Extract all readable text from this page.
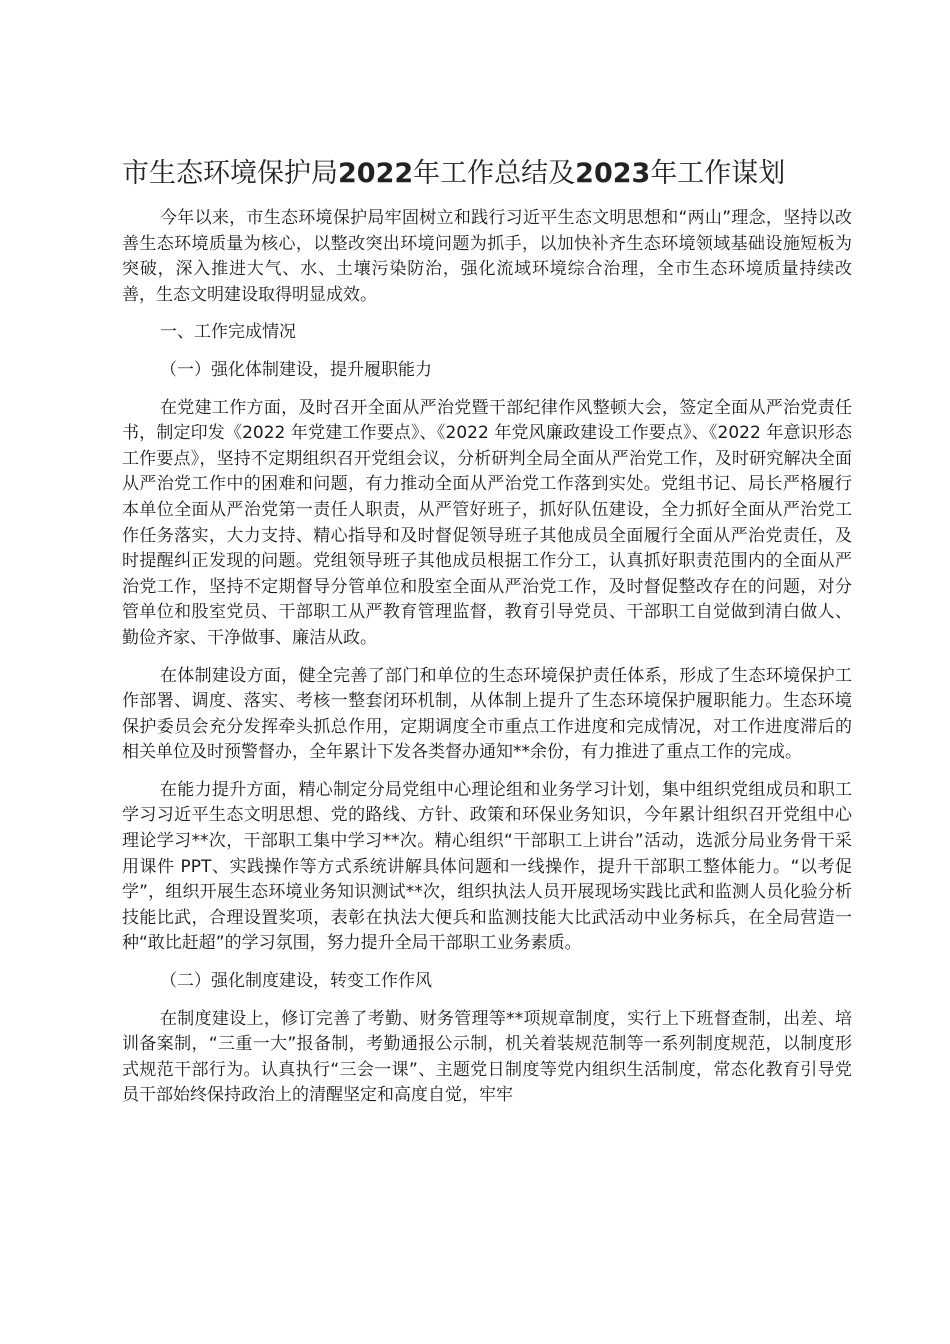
市生态环境保护局2022年工作总结及2023年工作谋划

今年以来，市生态环境保护局牢固树立和践行习近平生态文明思想和“两山”理念，坚持以改善生态环境质量为核心，以整改突出环境问题为抓手，以加快补齐生态环境领域基础设施短板为突破，深入推进大气、水、土壤污染防治，强化流域环境综合治理，全市生态环境质量持续改善，生态文明建设取得明显成效。

一、工作完成情况

（一）强化体制建设，提升履职能力

在党建工作方面，及时召开全面从严治党暨干部纪律作风整顿大会，签定全面从严治党责任书，制定印发《2022 年党建工作要点》、《2022 年党风廉政建设工作要点》、《2022 年意识形态工作要点》，坚持不定期组织召开党组会议，分析研判全局全面从严治党工作，及时研究解决全面从严治党工作中的困难和问题，有力推动全面从严治党工作落到实处。党组书记、局长严格履行本单位全面从严治党第一责任人职责，从严管好班子，抓好队伍建设，全力抓好全面从严治党工作任务落实，大力支持、精心指导和及时督促领导班子其他成员全面履行全面从严治党责任，及时提醒纠正发现的问题。党组领导班子其他成员根据工作分工，认真抓好职责范围内的全面从严治党工作，坚持不定期督导分管单位和股室全面从严治党工作，及时督促整改存在的问题，对分管单位和股室党员、干部职工从严教育管理监督，教育引导党员、干部职工自觉做到清白做人、勤俭齐家、干净做事、廉洁从政。

在体制建设方面，健全完善了部门和单位的生态环境保护责任体系，形成了生态环境保护工作部署、调度、落实、考核一整套闭环机制，从体制上提升了生态环境保护履职能力。生态环境保护委员会充分发挥牵头抓总作用，定期调度全市重点工作进度和完成情况，对工作进度滞后的相关单位及时预警督办，全年累计下发各类督办通知**余份，有力推进了重点工作的完成。

在能力提升方面，精心制定分局党组中心理论组和业务学习计划，集中组织党组成员和职工学习习近平生态文明思想、党的路线、方针、政策和环保业务知识，今年累计组织召开党组中心理论学习**次，干部职工集中学习**次。精心组织“干部职工上讲台”活动，选派分局业务骨干采用课件 PPT、实践操作等方式系统讲解具体问题和一线操作，提升干部职工整体能力。“以考促学”，组织开展生态环境业务知识测试**次，组织执法人员开展现场实践比武和监测人员化验分析技能比武，合理设置奖项，表彰在执法大便兵和监测技能大比武活动中业务标兵，在全局营造一种“敢比赶超”的学习氛围，努力提升全局干部职工业务素质。

（二）强化制度建设，转变工作作风

在制度建设上，修订完善了考勤、财务管理等**项规章制度，实行上下班督查制，出差、培训备案制，“三重一大”报备制，考勤通报公示制，机关着装规范制等一系列制度规范，以制度形式规范干部行为。认真执行“三会一课”、主题党日制度等党内组织生活制度，常态化教育引导党员干部始终保持政治上的清醒坚定和高度自觉，牢牢
